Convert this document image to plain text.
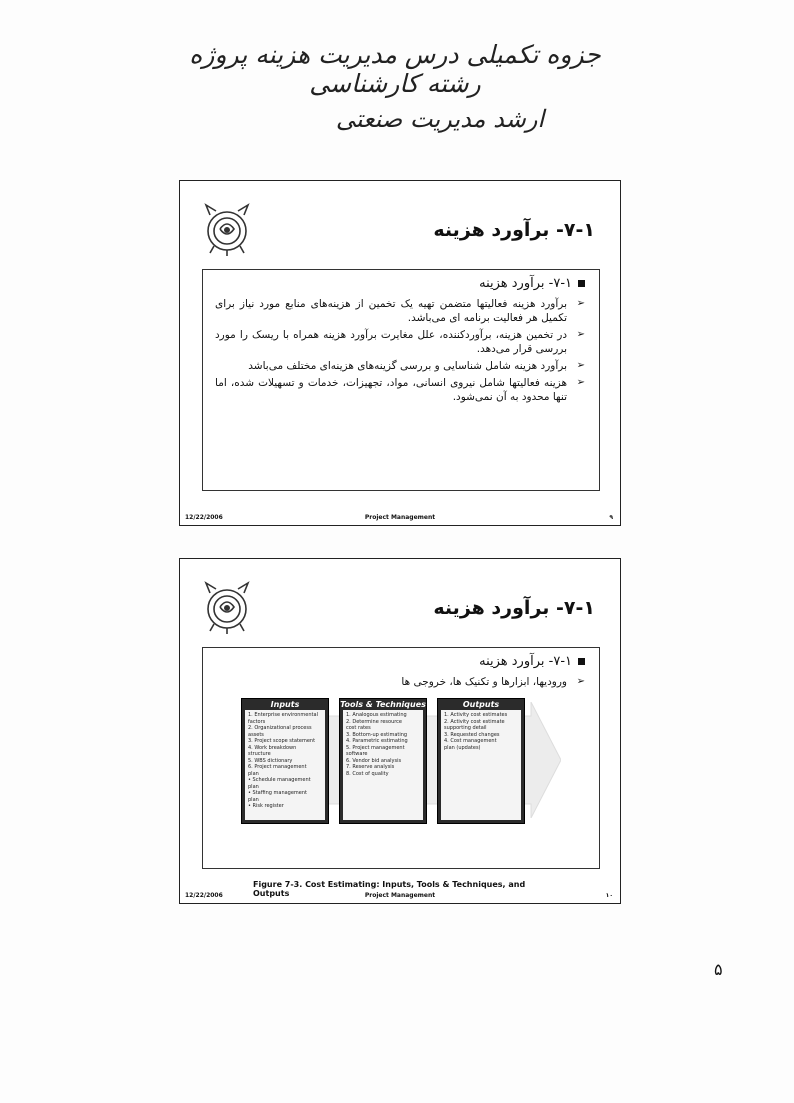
جزوه تکمیلی درس مدیریت هزینه پروژه رشته کارشناسی
ارشد مدیریت صنعتی
۷-۱- برآورد هزینه
۷-۱- برآورد هزینه
➢
برآورد هزینه فعالیتها متضمن تهیه یک تخمین از هزینه‌های منابع مورد نیاز برای تکمیل هر فعالیت برنامه ای می‌باشد.
➢
در تخمین هزینه، برآوردکننده، علل مغایرت برآورد هزینه همراه با ریسک را مورد بررسی قرار می‌دهد.
➢
برآورد هزینه شامل شناسایی و بررسی گزینه‌های هزینه‌ای مختلف می‌باشد
➢
هزینه فعالیتها شامل نیروی انسانی، مواد، تجهیزات، خدمات و تسهیلات شده، اما تنها محدود به آن نمی‌شود.
12/22/2006	Project Management	۹
۷-۱- برآورد هزینه
۷-۱- برآورد هزینه
➢
ورودیها، ابزارها و تکنیک ها، خروجی ها
Inputs
1. Enterprise environmental
factors
2. Organizational process
assets
3. Project scope statement
4. Work breakdown
structure
5. WBS dictionary
6. Project management
plan
• Schedule management
plan
• Staffing management
plan
• Risk register
Tools & Techniques
1. Analogous estimating
2. Determine resource
cost rates
3. Bottom-up estimating
4. Parametric estimating
5. Project management
software
6. Vendor bid analysis
7. Reserve analysis
8. Cost of quality
Outputs
1. Activity cost estimates
2. Activity cost estimate
supporting detail
3. Requested changes
4. Cost management
plan (updates)
Figure 7-3. Cost Estimating: Inputs, Tools & Techniques, and Outputs
12/22/2006	Project Management	۱۰
۵
